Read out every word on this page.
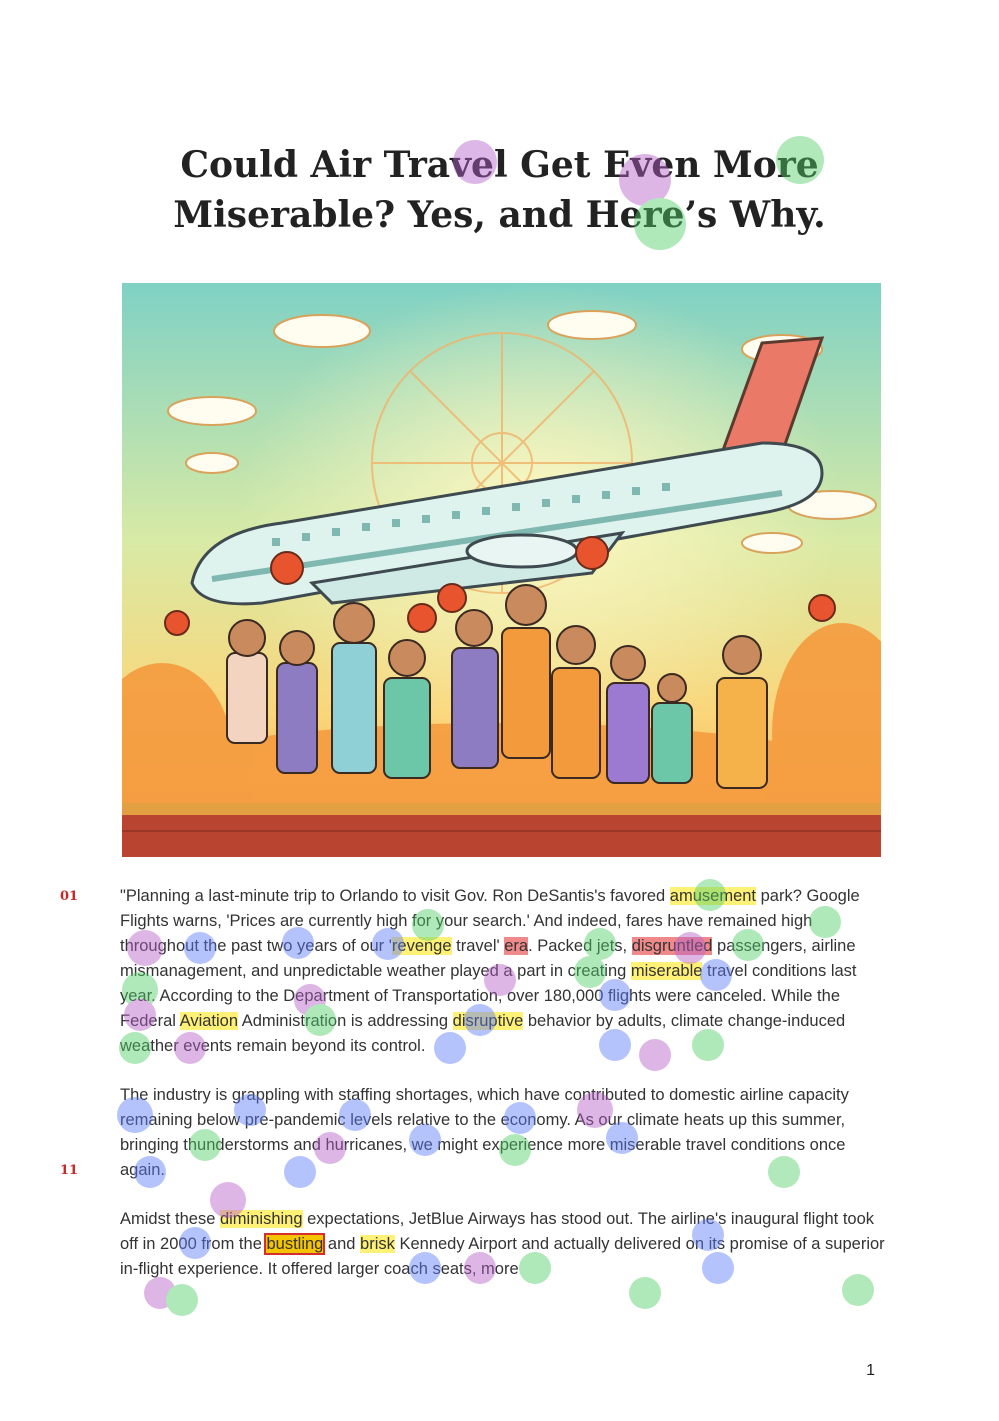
Could Air Travel Get Even More
Miserable? Yes, and Here’s Why.
01
11

"Planning a last-minute trip to Orlando to visit Gov. Ron DeSantis's favored amusement park? Google Flights warns, 'Prices are currently high for your search.' And indeed, fares have remained high throughout the past two years of our 'revenge travel' era. Packed jets, disgruntled passengers, airline mismanagement, and unpredictable weather played a part in creating miserable travel conditions last year. According to the Department of Transportation, over 180,000 flights were canceled. While the Federal Aviation Administration is addressing disruptive behavior by adults, climate change-induced weather events remain beyond its control.

The industry is grappling with staffing shortages, which have contributed to domestic airline capacity remaining below pre-pandemic levels relative to the economy. As our climate heats up this summer, bringing thunderstorms and hurricanes, we might experience more miserable travel conditions once again.

Amidst these diminishing expectations, JetBlue Airways has stood out. The airline's inaugural flight took off in 2000 from the bustling and brisk Kennedy Airport and actually delivered on its promise of a superior in-flight experience. It offered larger coach seats, more

1
